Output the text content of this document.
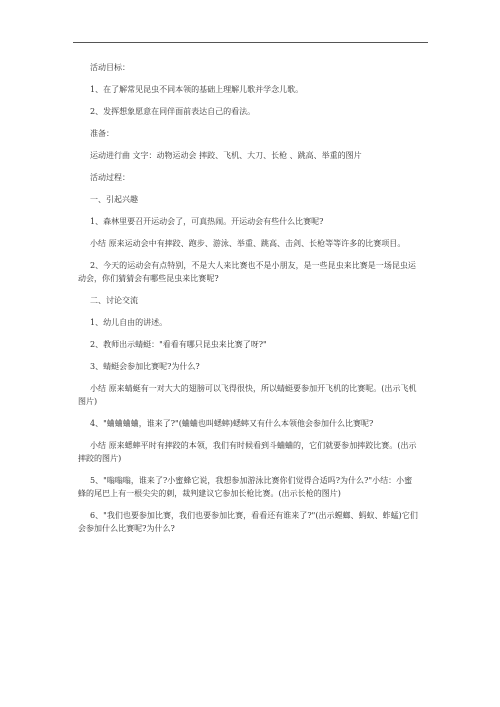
活动目标：

1、在了解常见昆虫不同本领的基础上理解儿歌并学念儿歌。

2、发挥想象愿意在同伴面前表达自己的看法。

准备：

运动进行曲 文字：动物运动会 摔跤、飞机、大刀、长枪 、跳高、举重的图片

活动过程：

一、引起兴趣

1、森林里要召开运动会了，可真热闹。开运动会有些什么比赛呢?

小结 原来运动会中有摔跤、跑步、游泳、举重、跳高、击剑、长枪等等许多的比赛项目。

2、今天的运动会有点特别，不是大人来比赛也不是小朋友，是一些昆虫来比赛是一场昆虫运动会，你们猜猜会有哪些昆虫来比赛呢?

二、讨论交流

1、幼儿自由的讲述。

2、教师出示蜻蜓："看看有哪只昆虫来比赛了呀?"

3、蜻蜓会参加比赛呢?为什么?

小结 原来蜻蜓有一对大大的翅膀可以飞得很快，所以蜻蜓要参加开飞机的比赛呢。(出示飞机图片)

4、"蛐蛐蛐蛐，谁来了?"(蛐蛐也叫蟋蟀)蟋蟀又有什么本领他会参加什么比赛呢?

小结 原来蟋蟀平时有摔跤的本领，我们有时候看到斗蛐蛐的，它们就要参加摔跤比赛。(出示摔跤的图片)

5、"嗡嗡嗡，谁来了?小蜜蜂它说，我想参加游泳比赛你们觉得合适吗?为什么?"小结：小蜜蜂的尾巴上有一根尖尖的刺，裁判建议它参加长枪比赛。(出示长枪的图片)

6、"我们也要参加比赛，我们也要参加比赛，看看还有谁来了?"(出示螳螂、蚂蚁、蚱蜢)它们会参加什么比赛呢?为什么?
